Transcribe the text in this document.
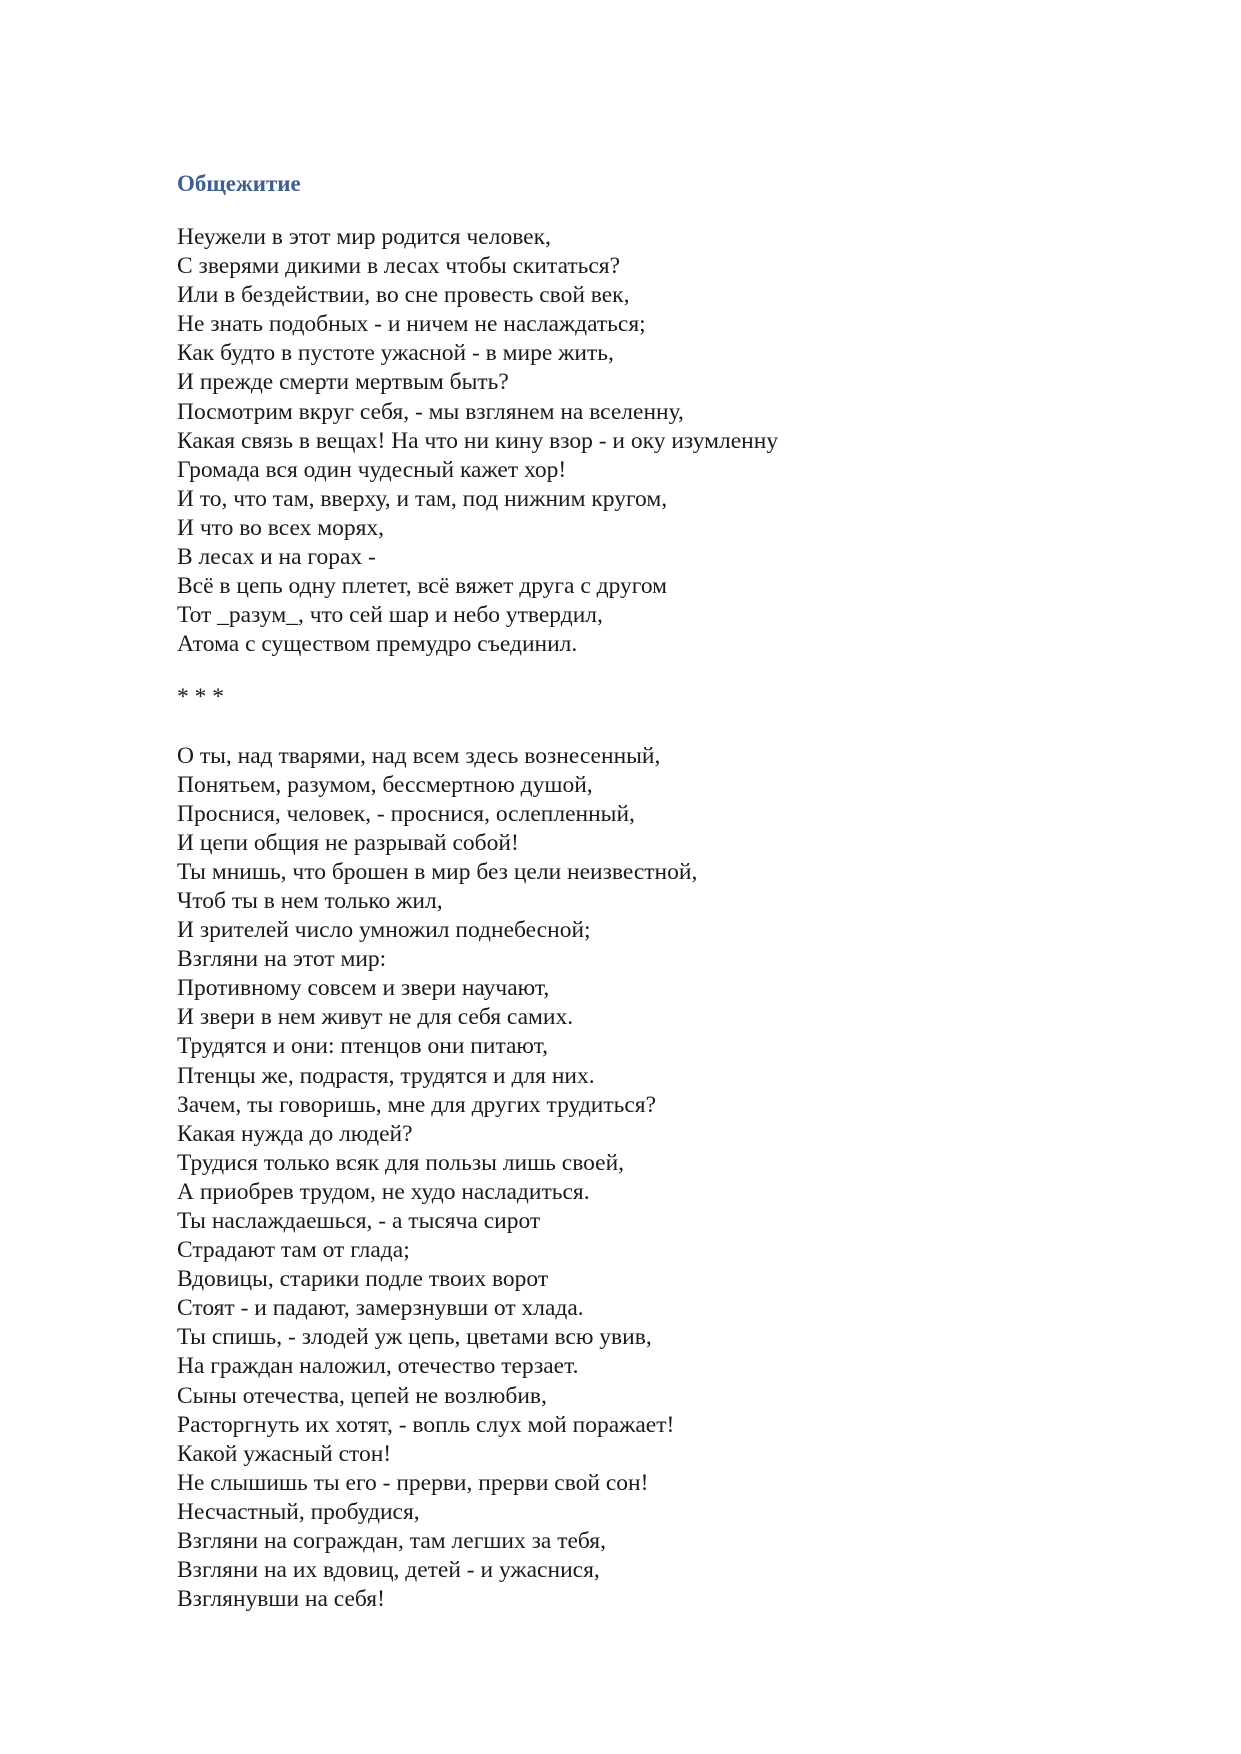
Общежитие
Неужели в этот мир родится человек,
С зверями дикими в лесах чтобы скитаться?
Или в бездействии, во сне провесть свой век,
Не знать подобных - и ничем не наслаждаться;
Как будто в пустоте ужасной - в мире жить,
И прежде смерти мертвым быть?
Посмотрим вкруг себя, - мы взглянем на вселенну,
Какая связь в вещах! На что ни кину взор - и оку изумленну
Громада вся один чудесный кажет хор!
И то, что там, вверху, и там, под нижним кругом,
И что во всех морях,
В лесах и на горах -
Всё в цепь одну плетет, всё вяжет друга с другом
Тот _разум_, что сей шар и небо утвердил,
Атома с существом премудро съединил.
* * *
О ты, над тварями, над всем здесь вознесенный,
Понятьем, разумом, бессмертною душой,
Проснися, человек, - проснися, ослепленный,
И цепи общия не разрывай собой!
Ты мнишь, что брошен в мир без цели неизвестной,
Чтоб ты в нем только жил,
И зрителей число умножил поднебесной;
Взгляни на этот мир:
Противному совсем и звери научают,
И звери в нем живут не для себя самих.
Трудятся и они: птенцов они питают,
Птенцы же, подрастя, трудятся и для них.
Зачем, ты говоришь, мне для других трудиться?
Какая нужда до людей?
Трудися только всяк для пользы лишь своей,
А приобрев трудом, не худо насладиться.
Ты наслаждаешься, - а тысяча сирот
Страдают там от глада;
Вдовицы, старики подле твоих ворот
Стоят - и падают, замерзнувши от хлада.
Ты спишь, - злодей уж цепь, цветами всю увив,
На граждан наложил, отечество терзает.
Сыны отечества, цепей не возлюбив,
Расторгнуть их хотят, - вопль слух мой поражает!
Какой ужасный стон!
Не слышишь ты его - прерви, прерви свой сон!
Несчастный, пробудися,
Взгляни на сограждан, там легших за тебя,
Взгляни на их вдовиц, детей - и ужаснися,
Взглянувши на себя!
